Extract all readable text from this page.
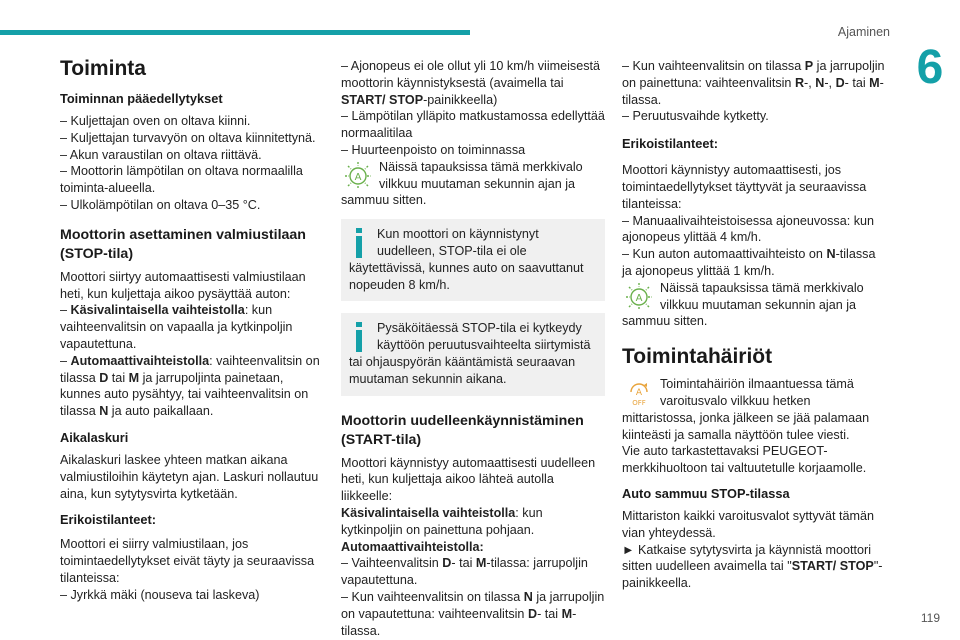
Ajaminen
6
119
Toiminta
Toiminnan pääedellytykset

– Kuljettajan oven on oltava kiinni.

– Kuljettajan turvavyön on oltava kiinnitettynä.

– Akun varaustilan on oltava riittävä.

– Moottorin lämpötilan on oltava normaalilla toiminta-alueella.

– Ulkolämpötilan on oltava 0–35 °C.

Moottorin asettaminen valmiustilaan (STOP-tila)

Moottori siirtyy automaattisesti valmiustilaan heti, kun kuljettaja aikoo pysäyttää auton:

– Käsivalintaisella vaihteistolla: kun vaihteenvalitsin on vapaalla ja kytkinpoljin vapautettuna.

– Automaattivaihteistolla: vaihteenvalitsin on tilassa D tai M ja jarrupoljinta painetaan, kunnes auto pysähtyy, tai vaihteenvalitsin on tilassa N ja auto paikallaan.

Aikalaskuri

Aikalaskuri laskee yhteen matkan aikana valmiustiloihin käytetyn ajan. Laskuri nollautuu aina, kun sytytysvirta kytketään.

Erikoistilanteet:

Moottori ei siirry valmiustilaan, jos toimintaedellytykset eivät täyty ja seuraavissa tilanteissa:

– Jyrkkä mäki (nouseva tai laskeva)

– Ajonopeus ei ole ollut yli 10 km/h viimeisestä moottorin käynnistyksestä (avaimella tai START/ STOP-painikkeella)

– Lämpötilan ylläpito matkustamossa edellyttää normaalitilaa

– Huurteenpoisto on toiminnassa

A

Näissä tapauksissa tämä merkkivalo vilkkuu muutaman sekunnin ajan ja sammuu sitten.

Kun moottori on käynnistynyt uudelleen, STOP-tila ei ole käytettävissä, kunnes auto on saavuttanut nopeuden 8 km/h.

Pysäköitäessä STOP-tila ei kytkeydy käyttöön peruutusvaihteelta siirtymistä tai ohjauspyörän kääntämistä seuraavan muutaman sekunnin aikana.

Moottorin uudelleenkäynnistäminen (START-tila)

Moottori käynnistyy automaattisesti uudelleen heti, kun kuljettaja aikoo lähteä autolla liikkeelle:

Käsivalintaisella vaihteistolla: kun kytkinpoljin on painettuna pohjaan.

Automaattivaihteistolla:

– Vaihteenvalitsin D- tai M-tilassa: jarrupoljin vapautettuna.

– Kun vaihteenvalitsin on tilassa N ja jarrupoljin on vapautettuna: vaihteenvalitsin D- tai M-tilassa.

– Kun vaihteenvalitsin on tilassa P ja jarrupoljin on painettuna: vaihteenvalitsin R-, N-, D- tai M-tilassa.

– Peruutusvaihde kytketty.

Erikoistilanteet:

Moottori käynnistyy automaattisesti, jos toimintaedellytykset täyttyvät ja seuraavissa tilanteissa:

– Manuaalivaihteistoisessa ajoneuvossa: kun ajonopeus ylittää 4 km/h.

– Kun auton automaattivaihteisto on N-tilassa ja ajonopeus ylittää 1 km/h.

A

Näissä tapauksissa tämä merkkivalo vilkkuu muutaman sekunnin ajan ja sammuu sitten.

Toimintahäiriöt
A
OFF

Toimintahäiriön ilmaantuessa tämä varoitusvalo vilkkuu hetken mittaristossa, jonka jälkeen se jää palamaan kiinteästi ja samalla näyttöön tulee viesti.

Vie auto tarkastettavaksi PEUGEOT-merkkihuoltoon tai valtuutetulle korjaamolle.

Auto sammuu STOP-tilassa

Mittariston kaikki varoitusvalot syttyvät tämän vian yhteydessä.

► Katkaise sytytysvirta ja käynnistä moottori sitten uudelleen avaimella tai "START/ STOP"-painikkeella.
